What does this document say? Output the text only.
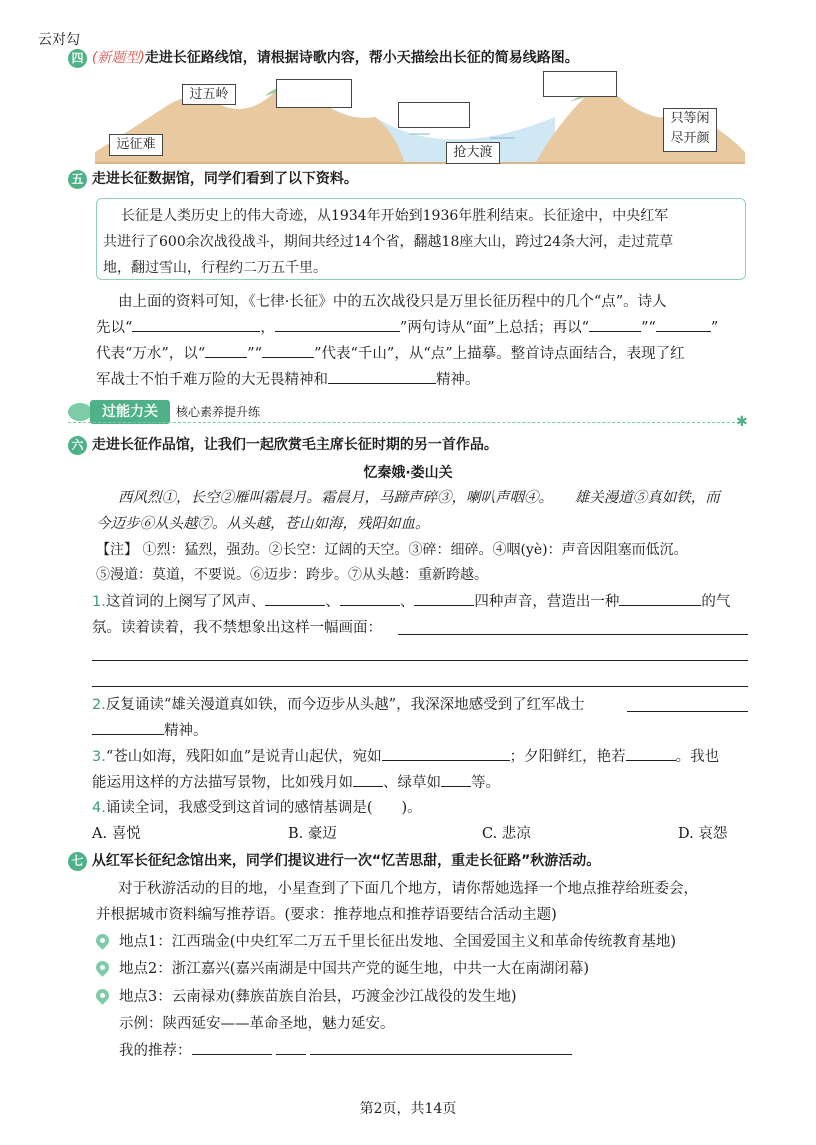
云对勾
四 (新题型)走进长征路线馆，请根据诗歌内容，帮小天描绘出长征的简易线路图。
远征难
过五岭
抢大渡
只等闲
尽开颜
五 走进长征数据馆，同学们看到了以下资料。
长征是人类历史上的伟大奇迹，从1934年开始到1936年胜利结束。长征途中，中央红军
共进行了600余次战役战斗，期间共经过14个省，翻越18座大山，跨过24条大河，走过荒草
地，翻过雪山，行程约二万五千里。
由上面的资料可知，《七律·长征》中的五次战役只是万里长征历程中的几个“点”。诗人
先以“	，	”两句诗从“面”上总括；再以“	”“	”
代表“万水”，以“	”“	”代表“千山”，从“点”上描摹。整首诗点面结合，表现了红
军战士不怕千难万险的大无畏精神和	精神。
过能力关	核心素养提升练
✱
六 走进长征作品馆，让我们一起欣赏毛主席长征时期的另一首作品。
忆秦娥·娄山关
西风烈①，长空②雁叫霜晨月。霜晨月，马蹄声碎③，喇叭声咽④。　　雄关漫道⑤真如铁，而
今迈步⑥从头越⑦。从头越，苍山如海，残阳如血。
【注】 ①烈：猛烈，强劲。②长空：辽阔的天空。③碎：细碎。④咽(yè)：声音因阻塞而低沉。
⑤漫道：莫道，不要说。⑥迈步：跨步。⑦从头越：重新跨越。
1.这首词的上阕写了风声、	、	、	四种声音，营造出一种	的气
氛。读着读着，我不禁想象出这样一幅画面：
2.反复诵读“雄关漫道真如铁，而今迈步从头越”，我深深地感受到了红军战士
精神。
3.“苍山如海，残阳如血”是说青山起伏，宛如	；夕阳鲜红，艳若	。我也
能运用这样的方法描写景物，比如残月如 、绿草如 等。
4.诵读全词，我感受到这首词的感情基调是(　　)。
A. 喜悦	B. 豪迈	C. 悲凉	D. 哀怨
七 从红军长征纪念馆出来，同学们提议进行一次“忆苦思甜，重走长征路”秋游活动。
对于秋游活动的目的地，小星查到了下面几个地方，请你帮她选择一个地点推荐给班委会，
并根据城市资料编写推荐语。(要求：推荐地点和推荐语要结合活动主题)
地点1：江西瑞金(中央红军二万五千里长征出发地、全国爱国主义和革命传统教育基地)
地点2：浙江嘉兴(嘉兴南湖是中国共产党的诞生地，中共一大在南湖闭幕)
地点3：云南禄劝(彝族苗族自治县，巧渡金沙江战役的发生地)
示例：陕西延安——革命圣地，魅力延安。
我的推荐：
第2页，共14页
